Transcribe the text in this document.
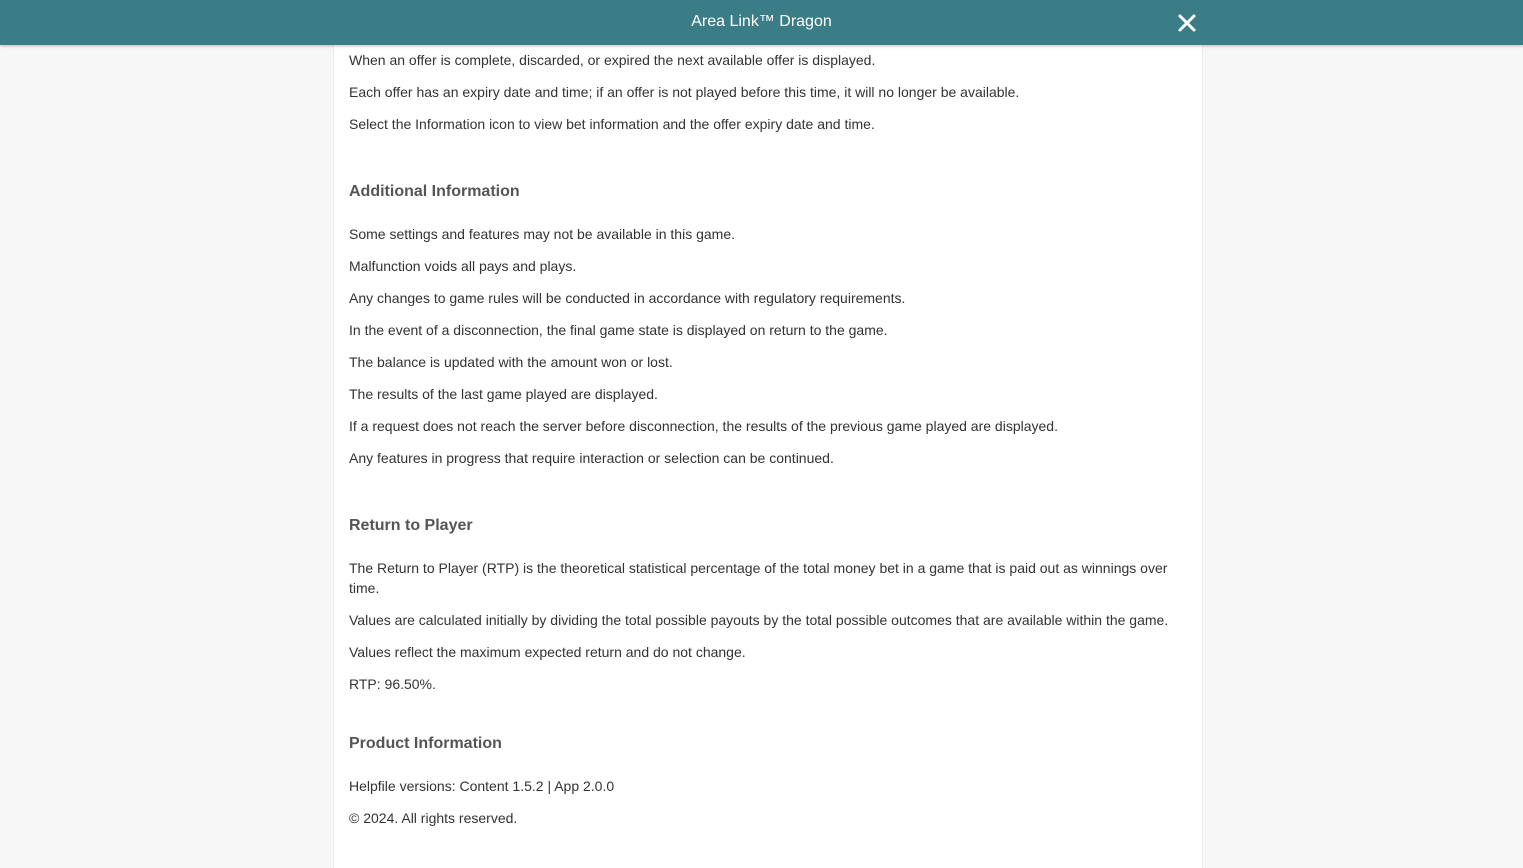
Area Link™ Dragon

When an offer is complete, discarded, or expired the next available offer is displayed.

Each offer has an expiry date and time; if an offer is not played before this time, it will no longer be available.

Select the Information icon to view bet information and the offer expiry date and time.

Additional Information

Some settings and features may not be available in this game.

Malfunction voids all pays and plays.

Any changes to game rules will be conducted in accordance with regulatory requirements.

In the event of a disconnection, the final game state is displayed on return to the game.

The balance is updated with the amount won or lost.

The results of the last game played are displayed.

If a request does not reach the server before disconnection, the results of the previous game played are displayed.

Any features in progress that require interaction or selection can be continued.

Return to Player

The Return to Player (RTP) is the theoretical statistical percentage of the total money bet in a game that is paid out as winnings over time.

Values are calculated initially by dividing the total possible payouts by the total possible outcomes that are available within the game.

Values reflect the maximum expected return and do not change.

RTP: 96.50%.

Product Information

Helpfile versions: Content 1.5.2 | App 2.0.0

© 2024. All rights reserved.
